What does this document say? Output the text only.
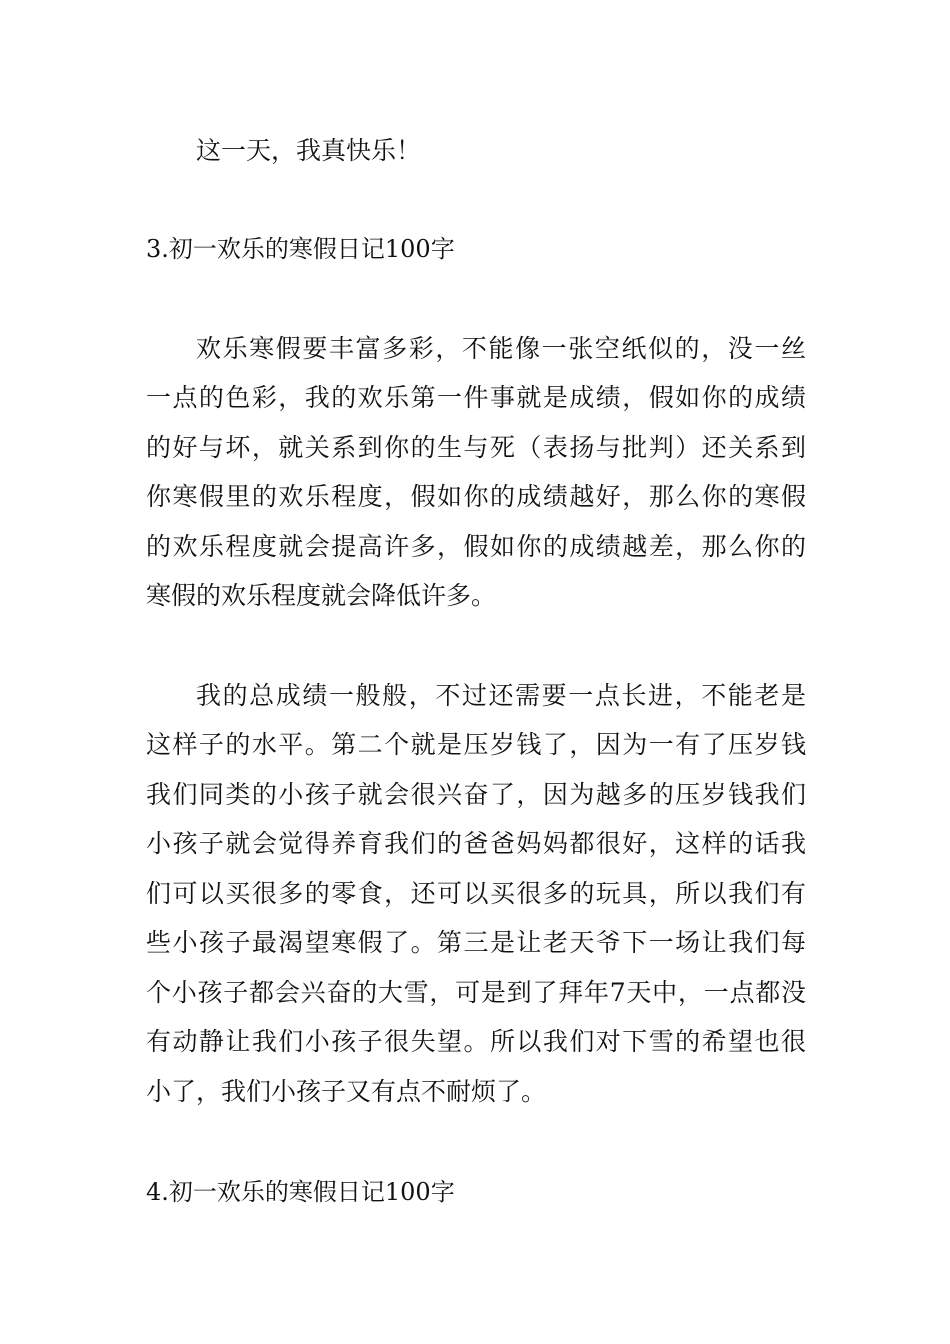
这一天，我真快乐！
3.初一欢乐的寒假日记100字
欢乐寒假要丰富多彩，不能像一张空纸似的，没一丝
一点的色彩，我的欢乐第一件事就是成绩，假如你的成绩
的好与坏，就关系到你的生与死（表扬与批判）还关系到
你寒假里的欢乐程度，假如你的成绩越好，那么你的寒假
的欢乐程度就会提高许多，假如你的成绩越差，那么你的
寒假的欢乐程度就会降低许多。
我的总成绩一般般，不过还需要一点长进，不能老是
这样子的水平。第二个就是压岁钱了，因为一有了压岁钱
我们同类的小孩子就会很兴奋了，因为越多的压岁钱我们
小孩子就会觉得养育我们的爸爸妈妈都很好，这样的话我
们可以买很多的零食，还可以买很多的玩具，所以我们有
些小孩子最渴望寒假了。第三是让老天爷下一场让我们每
个小孩子都会兴奋的大雪，可是到了拜年7天中，一点都没
有动静让我们小孩子很失望。所以我们对下雪的希望也很
小了，我们小孩子又有点不耐烦了。
4.初一欢乐的寒假日记100字
